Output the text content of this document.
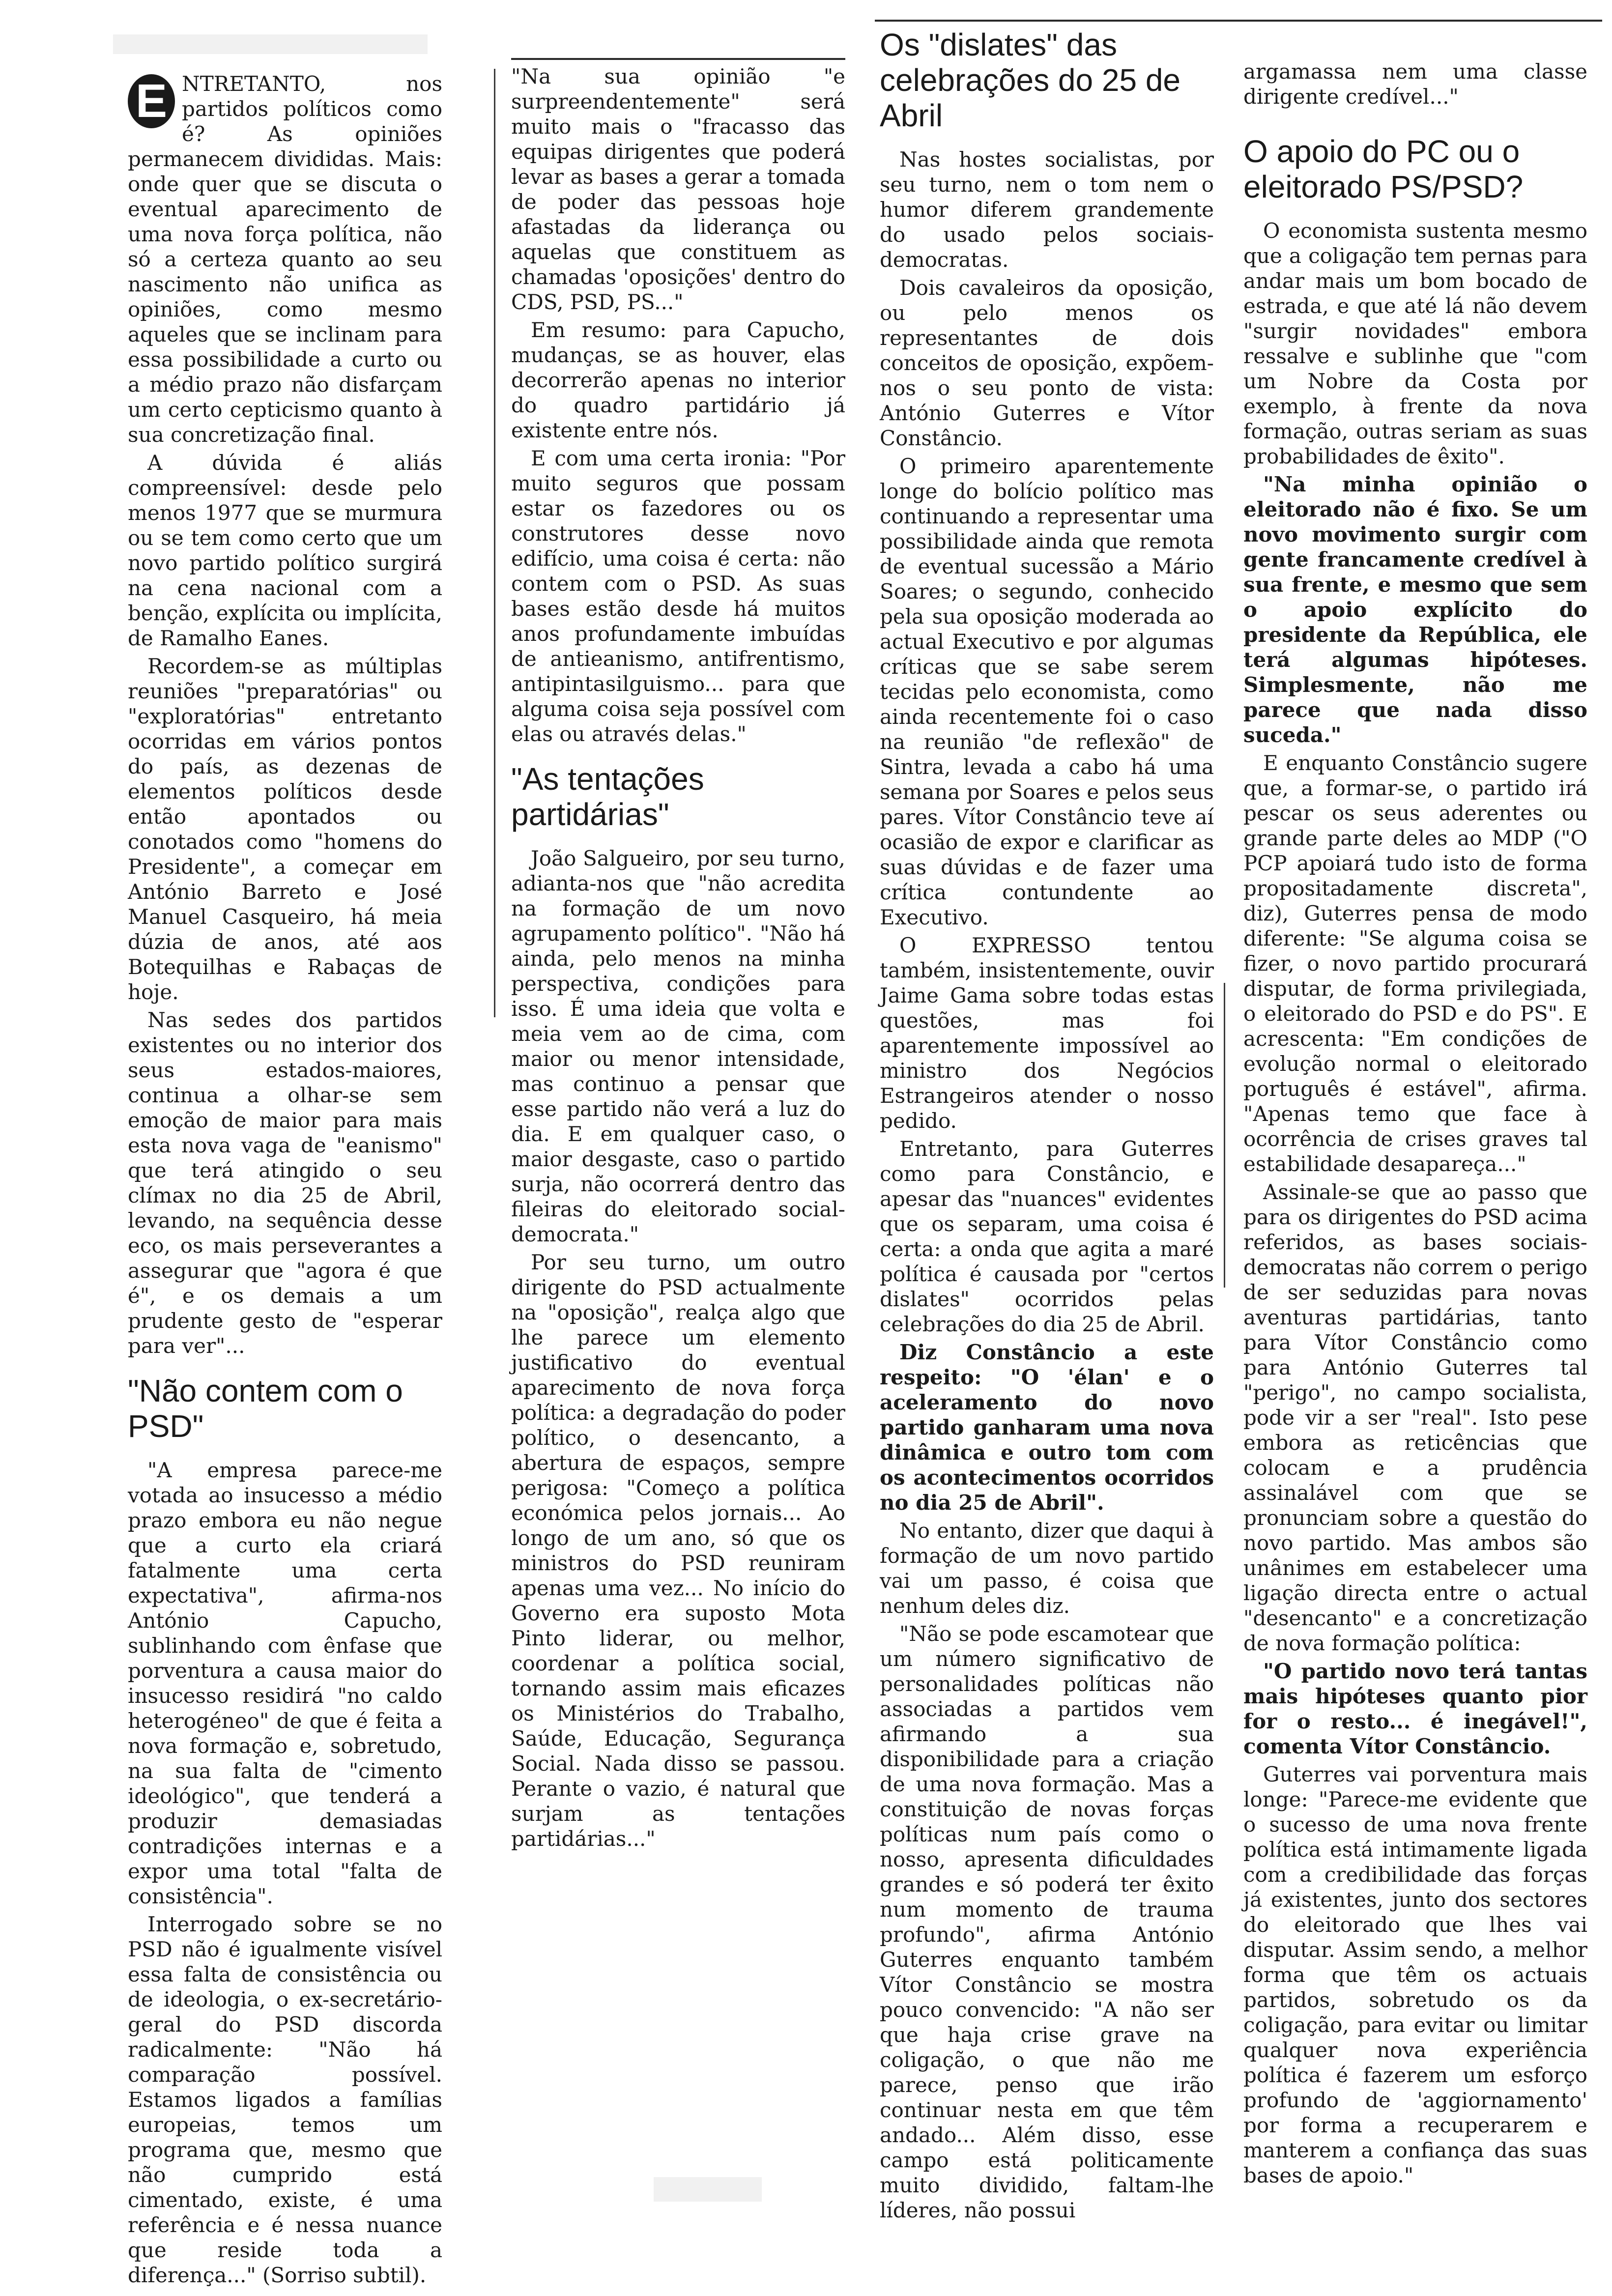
E NTRETANTO, nos partidos políticos como é? As opiniões permanecem divididas. Mais: onde quer que se discuta o eventual aparecimento de uma nova força política, não só a certeza quanto ao seu nascimento não unifica as opiniões, como mesmo aqueles que se inclinam para essa possibilidade a curto ou a médio prazo não disfarçam um certo cepticismo quanto à sua concretização final.

A dúvida é aliás compreensível: desde pelo menos 1977 que se murmura ou se tem como certo que um novo partido político surgirá na cena nacional com a benção, explícita ou implícita, de Ramalho Eanes.

Recordem-se as múltiplas reuniões "preparatórias" ou "exploratórias" entretanto ocorridas em vários pontos do país, as dezenas de elementos políticos desde então apontados ou conotados como "homens do Presidente", a começar em António Barreto e José Manuel Casqueiro, há meia dúzia de anos, até aos Botequilhas e Rabaças de hoje.

Nas sedes dos partidos existentes ou no interior dos seus estados-maiores, continua a olhar-se sem emoção de maior para mais esta nova vaga de "eanismo" que terá atingido o seu clímax no dia 25 de Abril, levando, na sequência desse eco, os mais perseverantes a assegurar que "agora é que é", e os demais a um prudente gesto de "esperar para ver"...

"Não contem com o PSD"

"A empresa parece-me votada ao insucesso a médio prazo embora eu não negue que a curto ela criará fatalmente uma certa expectativa", afirma-nos António Capucho, sublinhando com ênfase que porventura a causa maior do insucesso residirá "no caldo heterogéneo" de que é feita a nova formação e, sobretudo, na sua falta de "cimento ideológico", que tenderá a produzir demasiadas contradições internas e a expor uma total "falta de consistência".

Interrogado sobre se no PSD não é igualmente visível essa falta de consistência ou de ideologia, o ex-secretário-geral do PSD discorda radicalmente: "Não há comparação possível. Estamos ligados a famílias europeias, temos um programa que, mesmo que não cumprido está cimentado, existe, é uma referência e é nessa nuance que reside toda a diferença..." (Sorriso subtil).

"Na sua opinião "e surpreendentemente" será muito mais o "fracasso das equipas dirigentes que poderá levar as bases a gerar a tomada de poder das pessoas hoje afastadas da liderança ou aquelas que constituem as chamadas 'oposições' dentro do CDS, PSD, PS..."

Em resumo: para Capucho, mudanças, se as houver, elas decorrerão apenas no interior do quadro partidário já existente entre nós.

E com uma certa ironia: "Por muito seguros que possam estar os fazedores ou os construtores desse novo edifício, uma coisa é certa: não contem com o PSD. As suas bases estão desde há muitos anos profundamente imbuídas de antieanismo, antifrentismo, antipintasilguismo... para que alguma coisa seja possível com elas ou através delas."

"As tentações partidárias"

João Salgueiro, por seu turno, adianta-nos que "não acredita na formação de um novo agrupamento político". "Não há ainda, pelo menos na minha perspectiva, condições para isso. É uma ideia que volta e meia vem ao de cima, com maior ou menor intensidade, mas continuo a pensar que esse partido não verá a luz do dia. E em qualquer caso, o maior desgaste, caso o partido surja, não ocorrerá dentro das fileiras do eleitorado social-democrata."

Por seu turno, um outro dirigente do PSD actualmente na "oposição", realça algo que lhe parece um elemento justificativo do eventual aparecimento de nova força política: a degradação do poder político, o desencanto, a abertura de espaços, sempre perigosa: "Começo a política económica pelos jornais... Ao longo de um ano, só que os ministros do PSD reuniram apenas uma vez... No início do Governo era suposto Mota Pinto liderar, ou melhor, coordenar a política social, tornando assim mais eficazes os Ministérios do Trabalho, Saúde, Educação, Segurança Social. Nada disso se passou. Perante o vazio, é natural que surjam as tentações partidárias..."

Os "dislates" das celebrações do 25 de Abril

Nas hostes socialistas, por seu turno, nem o tom nem o humor diferem grandemente do usado pelos sociais-democratas.

Dois cavaleiros da oposição, ou pelo menos os representantes de dois conceitos de oposição, expõem-nos o seu ponto de vista: António Guterres e Vítor Constâncio.

O primeiro aparentemente longe do bolício político mas continuando a representar uma possibilidade ainda que remota de eventual sucessão a Mário Soares; o segundo, conhecido pela sua oposição moderada ao actual Executivo e por algumas críticas que se sabe serem tecidas pelo economista, como ainda recentemente foi o caso na reunião "de reflexão" de Sintra, levada a cabo há uma semana por Soares e pelos seus pares. Vítor Constâncio teve aí ocasião de expor e clarificar as suas dúvidas e de fazer uma crítica contundente ao Executivo.

O EXPRESSO tentou também, insistentemente, ouvir Jaime Gama sobre todas estas questões, mas foi aparentemente impossível ao ministro dos Negócios Estrangeiros atender o nosso pedido.

Entretanto, para Guterres como para Constâncio, e apesar das "nuances" evidentes que os separam, uma coisa é certa: a onda que agita a maré política é causada por "certos dislates" ocorridos pelas celebrações do dia 25 de Abril.

Diz Constâncio a este respeito: "O 'élan' e o aceleramento do novo partido ganharam uma nova dinâmica e outro tom com os acontecimentos ocorridos no dia 25 de Abril".

No entanto, dizer que daqui à formação de um novo partido vai um passo, é coisa que nenhum deles diz.

"Não se pode escamotear que um número significativo de personalidades políticas não associadas a partidos vem afirmando a sua disponibilidade para a criação de uma nova formação. Mas a constituição de novas forças políticas num país como o nosso, apresenta dificuldades grandes e só poderá ter êxito num momento de trauma profundo", afirma António Guterres enquanto também Vítor Constâncio se mostra pouco convencido: "A não ser que haja crise grave na coligação, o que não me parece, penso que irão continuar nesta em que têm andado... Além disso, esse campo está politicamente muito dividido, faltam-lhe líderes, não possui

argamassa nem uma classe dirigente credível..."

O apoio do PC ou o eleitorado PS/PSD?

O economista sustenta mesmo que a coligação tem pernas para andar mais um bom bocado de estrada, e que até lá não devem "surgir novidades" embora ressalve e sublinhe que "com um Nobre da Costa por exemplo, à frente da nova formação, outras seriam as suas probabilidades de êxito".

"Na minha opinião o eleitorado não é fixo. Se um novo movimento surgir com gente francamente credível à sua frente, e mesmo que sem o apoio explícito do presidente da República, ele terá algumas hipóteses. Simplesmente, não me parece que nada disso suceda."

E enquanto Constâncio sugere que, a formar-se, o partido irá pescar os seus aderentes ou grande parte deles ao MDP ("O PCP apoiará tudo isto de forma propositadamente discreta", diz), Guterres pensa de modo diferente: "Se alguma coisa se fizer, o novo partido procurará disputar, de forma privilegiada, o eleitorado do PSD e do PS". E acrescenta: "Em condições de evolução normal o eleitorado português é estável", afirma. "Apenas temo que face à ocorrência de crises graves tal estabilidade desapareça..."

Assinale-se que ao passo que para os dirigentes do PSD acima referidos, as bases sociais-democratas não correm o perigo de ser seduzidas para novas aventuras partidárias, tanto para Vítor Constâncio como para António Guterres tal "perigo", no campo socialista, pode vir a ser "real". Isto pese embora as reticências que colocam e a prudência assinalável com que se pronunciam sobre a questão do novo partido. Mas ambos são unânimes em estabelecer uma ligação directa entre o actual "desencanto" e a concretização de nova formação política:

"O partido novo terá tantas mais hipóteses quanto pior for o resto... é inegável!", comenta Vítor Constâncio.

Guterres vai porventura mais longe: "Parece-me evidente que o sucesso de uma nova frente política está intimamente ligada com a credibilidade das forças já existentes, junto dos sectores do eleitorado que lhes vai disputar. Assim sendo, a melhor forma que têm os actuais partidos, sobretudo os da coligação, para evitar ou limitar qualquer nova experiência política é fazerem um esforço profundo de 'aggiornamento' por forma a recuperarem e manterem a confiança das suas bases de apoio."
